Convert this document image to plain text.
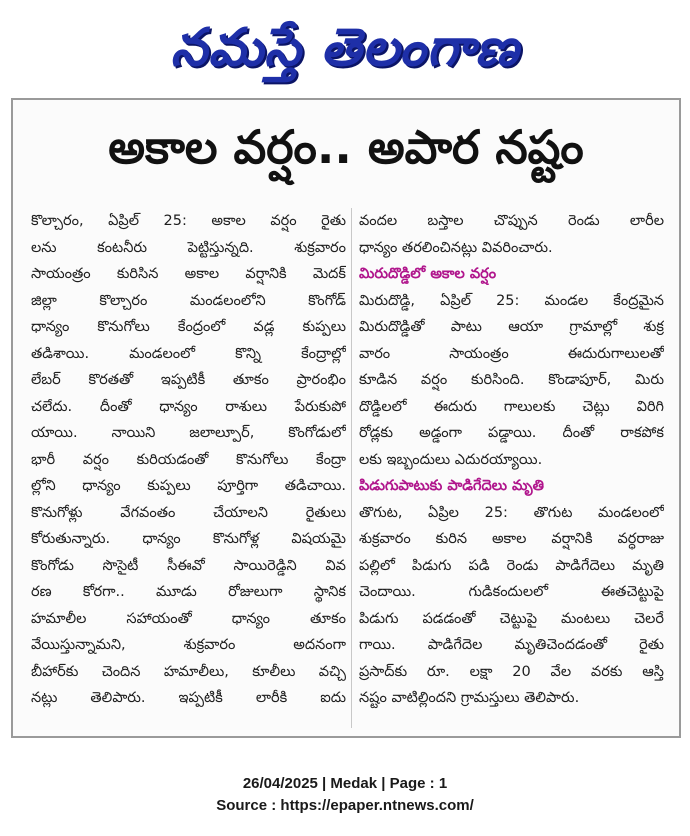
నమస్తే తెలంగాణ
అకాల వర్షం.. అపార నష్టం
కొల్చారం, ఏప్రిల్ 25: అకాల వర్షం రైతు
లను కంటనీరు పెట్టిస్తున్నది. శుక్రవారం
సాయంత్రం కురిసిన అకాల వర్షానికి మెదక్
జిల్లా కొల్చారం మండలంలోని కొంగోడ్
ధాన్యం కొనుగోలు కేంద్రంలో వడ్ల కుప్పలు
తడిశాయి. మండలంలో కొన్ని కేంద్రాల్లో
లేబర్ కొరతతో ఇప్పటికీ తూకం ప్రారంభిం
చలేదు. దీంతో ధాన్యం రాశులు పేరుకుపో
యాయి. నాయిని జలాల్పూర్, కొంగోడులో
భారీ వర్షం కురియడంతో కొనుగోలు కేంద్రా
ల్లోని ధాన్యం కుప్పలు పూర్తిగా తడిచాయి.
కొనుగోళ్లు వేగవంతం చేయాలని రైతులు
కోరుతున్నారు. ధాన్యం కొనుగోళ్ల విషయమై
కొంగోడు సొసైటీ సీఈవో సాయిరెడ్డిని వివ
రణ కోరగా.. మూడు రోజులుగా స్థానిక
హమాలీల సహాయంతో ధాన్యం తూకం
వేయిస్తున్నామని, శుక్రవారం అదనంగా
బీహార్‌కు చెందిన హమాలీలు, కూలీలు వచ్చి
నట్లు తెలిపారు. ఇప్పటికీ లారీకి ఐదు
వందల బస్తాల చొప్పున రెండు లారీల
ధాన్యం తరలించినట్లు వివరించారు.
మిరుదొడ్డిలో అకాల వర్షం
మిరుదొడ్డి, ఏప్రిల్ 25: మండల కేంద్రమైన
మిరుదొడ్డితో పాటు ఆయా గ్రామాల్లో శుక్ర
వారం సాయంత్రం ఈదురుగాలులతో
కూడిన వర్షం కురిసింది. కొండాపూర్, మిరు
దొడ్డిలలో ఈదురు గాలులకు చెట్లు విరిగి
రోడ్లకు అడ్డంగా పడ్డాయి. దీంతో రాకపోక
లకు ఇబ్బందులు ఎదురయ్యాయి.
పిడుగుపాటుకు పాడిగేదెలు మృతి
తొగుట, ఏప్రిల 25: తొగుట మండలంలో
శుక్రవారం కురిన అకాల వర్షానికి వర్ధరాజు
పల్లిలో పిడుగు పడి రెండు పాడిగేదెలు మృతి
చెందాయి. గుడికందులలో ఈతచెట్టుపై
పిడుగు పడడంతో చెట్టుపై మంటలు చెలరే
గాయి. పాడిగేదెల మృతిచెందడంతో రైతు
ప్రసాద్‌కు రూ. లక్షా 20 వేల వరకు ఆస్తి
నష్టం వాటిల్లిందని గ్రామస్తులు తెలిపారు.
26/04/2025 | Medak | Page : 1
Source : https://epaper.ntnews.com/
